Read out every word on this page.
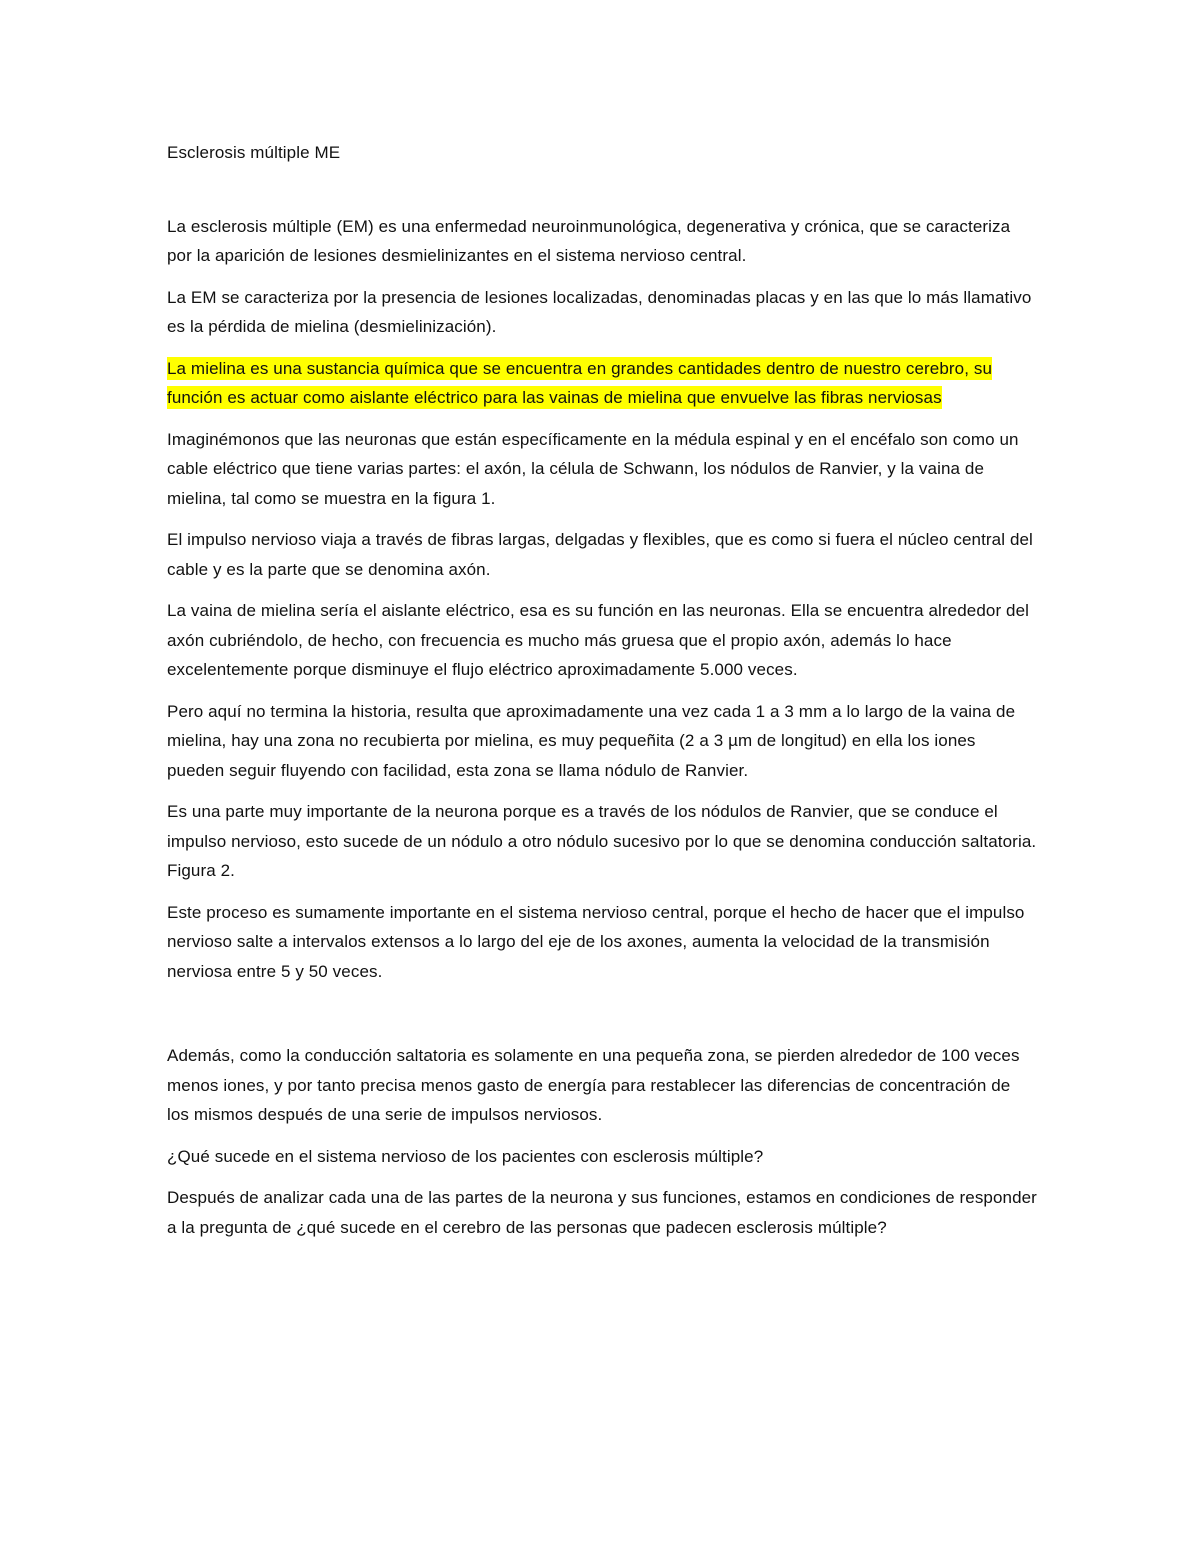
Esclerosis múltiple ME

La esclerosis múltiple (EM) es una enfermedad neuroinmunológica, degenerativa y crónica, que se caracteriza por la aparición de lesiones desmielinizantes en el sistema nervioso central.

La EM se caracteriza por la presencia de lesiones localizadas, denominadas placas y en las que lo más llamativo es la pérdida de mielina (desmielinización).

La mielina es una sustancia química que se encuentra en grandes cantidades dentro de nuestro cerebro, su función es actuar como aislante eléctrico para las vainas de mielina que envuelve las fibras nerviosas

Imaginémonos que las neuronas que están específicamente en la médula espinal y en el encéfalo son como un cable eléctrico que tiene varias partes: el axón, la célula de Schwann, los nódulos de Ranvier, y la vaina de mielina, tal como se muestra en la figura 1.

El impulso nervioso viaja a través de fibras largas, delgadas y flexibles, que es como si fuera el núcleo central del cable y es la parte que se denomina axón.

La vaina de mielina sería el aislante eléctrico, esa es su función en las neuronas. Ella se encuentra alrededor del axón cubriéndolo, de hecho, con frecuencia es mucho más gruesa que el propio axón, además lo hace excelentemente porque disminuye el flujo eléctrico aproximadamente 5.000 veces.

Pero aquí no termina la historia, resulta que aproximadamente una vez cada 1 a 3 mm a lo largo de la vaina de mielina, hay una zona no recubierta por mielina, es muy pequeñita (2 a 3 µm de longitud) en ella los iones pueden seguir fluyendo con facilidad, esta zona se llama nódulo de Ranvier.

Es una parte muy importante de la neurona porque es a través de los nódulos de Ranvier, que se conduce el impulso nervioso, esto sucede de un nódulo a otro nódulo sucesivo por lo que se denomina conducción saltatoria. Figura 2.

Este proceso es sumamente importante en el sistema nervioso central, porque el hecho de hacer que el impulso nervioso salte a intervalos extensos a lo largo del eje de los axones, aumenta la velocidad de la transmisión nerviosa entre 5 y 50 veces.

Además, como la conducción saltatoria es solamente en una pequeña zona, se pierden alrededor de 100 veces menos iones, y por tanto precisa menos gasto de energía para restablecer las diferencias de concentración de los mismos después de una serie de impulsos nerviosos.

¿Qué sucede en el sistema nervioso de los pacientes con esclerosis múltiple?

Después de analizar cada una de las partes de la neurona y sus funciones, estamos en condiciones de responder a la pregunta de ¿qué sucede en el cerebro de las personas que padecen esclerosis múltiple?
